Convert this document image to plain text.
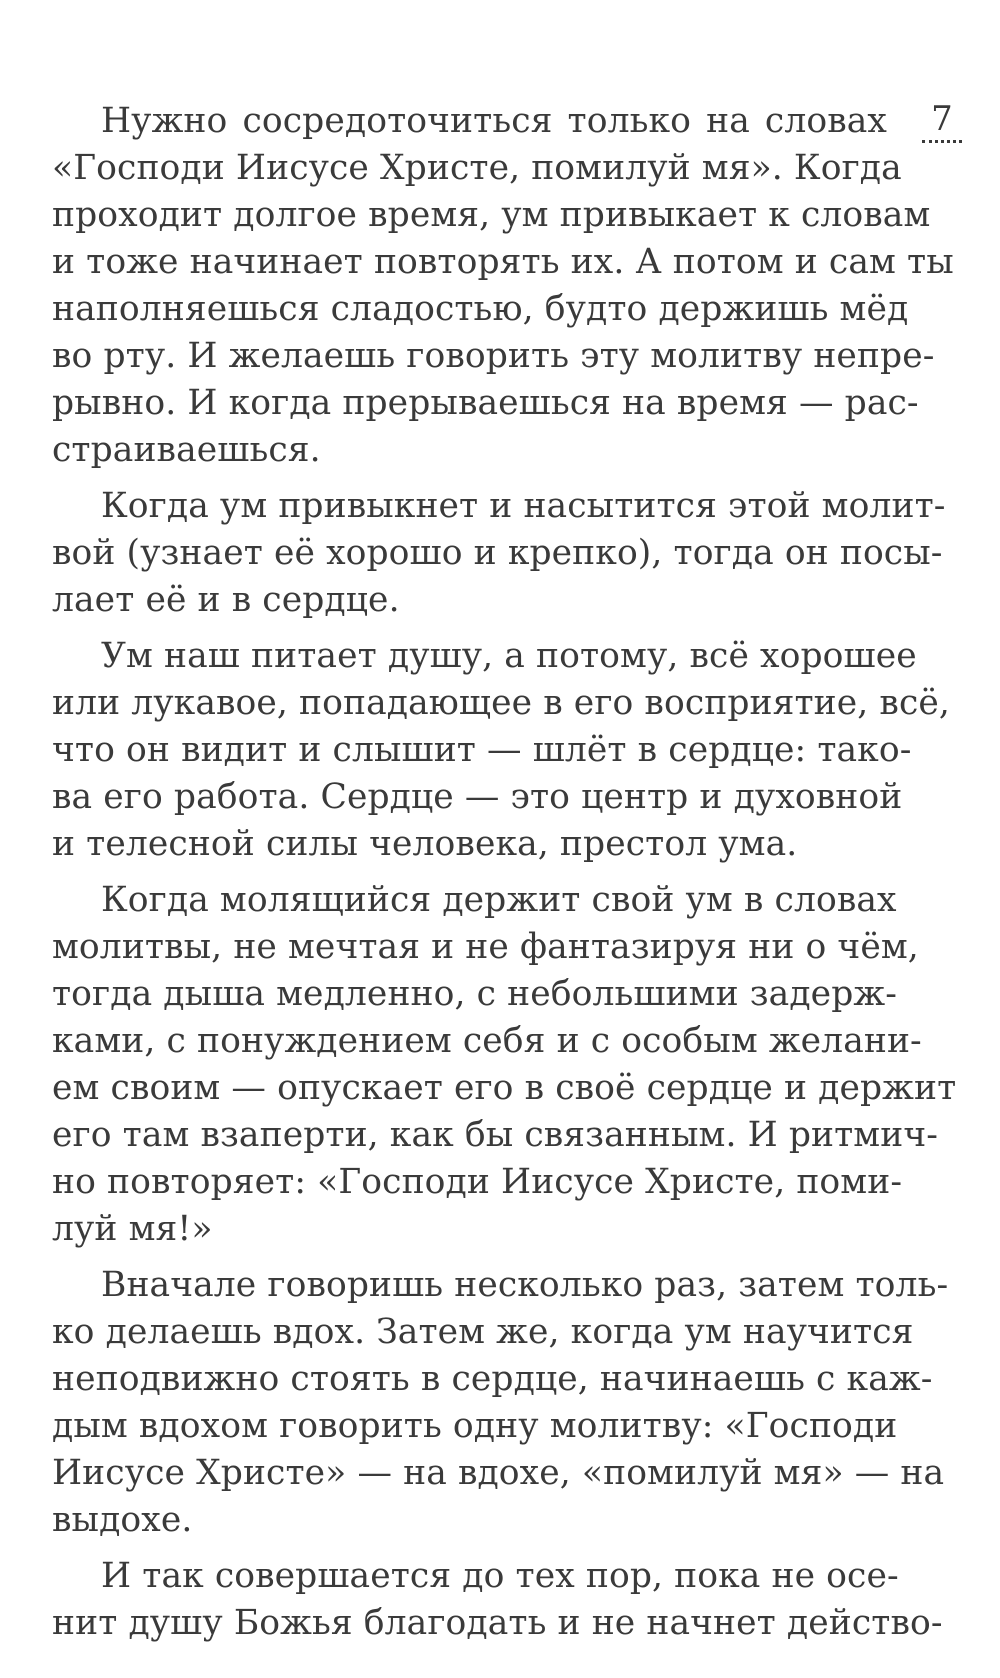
7

Нужно сосредоточиться только на словах
«Господи Иисусе Христе, помилуй мя». Когда
проходит долгое время, ум привыкает к словам
и тоже начинает повторять их. А потом и сам ты
наполняешься сладостью, будто держишь мёд
во рту. И желаешь говорить эту молитву непре-
рывно. И когда прерываешься на время — рас-
страиваешься.

Когда ум привыкнет и насытится этой молит-
вой (узнает её хорошо и крепко), тогда он посы-
лает её и в сердце.

Ум наш питает душу, а потому, всё хорошее
или лукавое, попадающее в его восприятие, всё,
что он видит и слышит — шлёт в сердце: тако-
ва его работа. Сердце — это центр и духовной
и телесной силы человека, престол ума.

Когда молящийся держит свой ум в словах
молитвы, не мечтая и не фантазируя ни о чём,
тогда дыша медленно, с небольшими задерж-
ками, с понуждением себя и с особым желани-
ем своим — опускает его в своё сердце и держит
его там взаперти, как бы связанным. И ритмич-
но повторяет: «Господи Иисусе Христе, поми-
луй мя!»

Вначале говоришь несколько раз, затем толь-
ко делаешь вдох. Затем же, когда ум научится
неподвижно стоять в сердце, начинаешь с каж-
дым вдохом говорить одну молитву: «Господи
Иисусе Христе» — на вдохе, «помилуй мя» — на
выдохе.

И так совершается до тех пор, пока не осе-
нит душу Божья благодать и не начнет действо-
